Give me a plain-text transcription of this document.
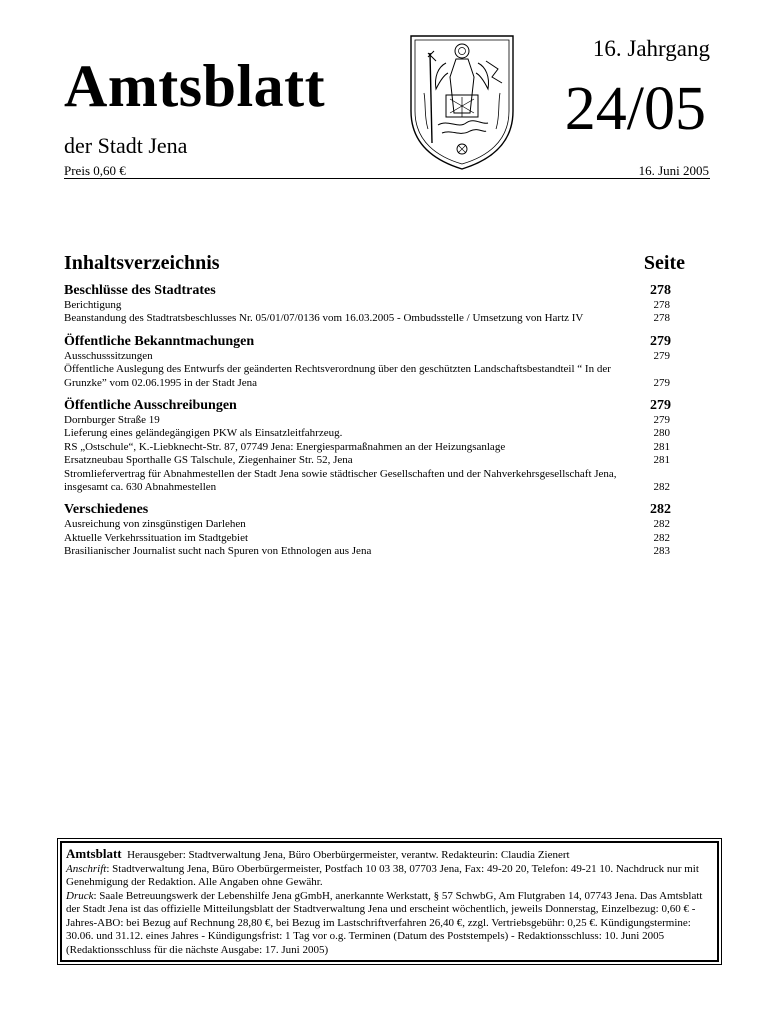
Amtsblatt
der Stadt Jena
16. Jahrgang
24/05
Preis 0,60 €	16. Juni 2005
Inhaltsverzeichnis	Seite
Beschlüsse des Stadtrates	278
Berichtigung	278
Beanstandung des Stadtratsbeschlusses Nr. 05/01/07/0136 vom 16.03.2005 - Ombudsstelle / Umsetzung von Hartz IV	278
Öffentliche Bekanntmachungen	279
Ausschusssitzungen	279
Öffentliche Auslegung des Entwurfs der geänderten Rechtsverordnung über den geschützten Landschaftsbestandteil “ In der Grunzke” vom 02.06.1995 in der Stadt Jena	279
Öffentliche Ausschreibungen	279
Dornburger Straße 19	279
Lieferung eines geländegängigen PKW als Einsatzleitfahrzeug.	280
RS „Ostschule“, K.-Liebknecht-Str. 87, 07749 Jena: Energiesparmaßnahmen an der Heizungsanlage	281
Ersatzneubau Sporthalle GS Talschule, Ziegenhainer Str. 52, Jena	281
Stromliefervertrag für Abnahmestellen der Stadt Jena sowie städtischer Gesellschaften und der Nahverkehrsgesellschaft Jena, insgesamt ca. 630 Abnahmestellen	282
Verschiedenes	282
Ausreichung von zinsgünstigen Darlehen	282
Aktuelle Verkehrssituation im Stadtgebiet	282
Brasilianischer Journalist sucht nach Spuren von Ethnologen aus Jena	283
Amtsblatt Herausgeber: Stadtverwaltung Jena, Büro Oberbürgermeister, verantw. Redakteurin: Claudia Zienert
Anschrift: Stadtverwaltung Jena, Büro Oberbürgermeister, Postfach 10 03 38, 07703 Jena, Fax: 49-20 20, Telefon: 49-21 10. Nachdruck nur mit Genehmigung der Redaktion. Alle Angaben ohne Gewähr.
Druck: Saale Betreuungswerk der Lebenshilfe Jena gGmbH, anerkannte Werkstatt, § 57 SchwbG, Am Flutgraben 14, 07743 Jena. Das Amtsblatt der Stadt Jena ist das offizielle Mitteilungsblatt der Stadtverwaltung Jena und erscheint wöchentlich, jeweils Donnerstag, Einzelbezug: 0,60 € - Jahres-ABO: bei Bezug auf Rechnung 28,80 €, bei Bezug im Lastschriftverfahren 26,40 €, zzgl. Vertriebsgebühr: 0,25 €. Kündigungstermine: 30.06. und 31.12. eines Jahres - Kündigungsfrist: 1 Tag vor o.g. Terminen (Datum des Poststempels) - Redaktionsschluss: 10. Juni 2005 (Redaktionsschluss für die nächste Ausgabe: 17. Juni 2005)
